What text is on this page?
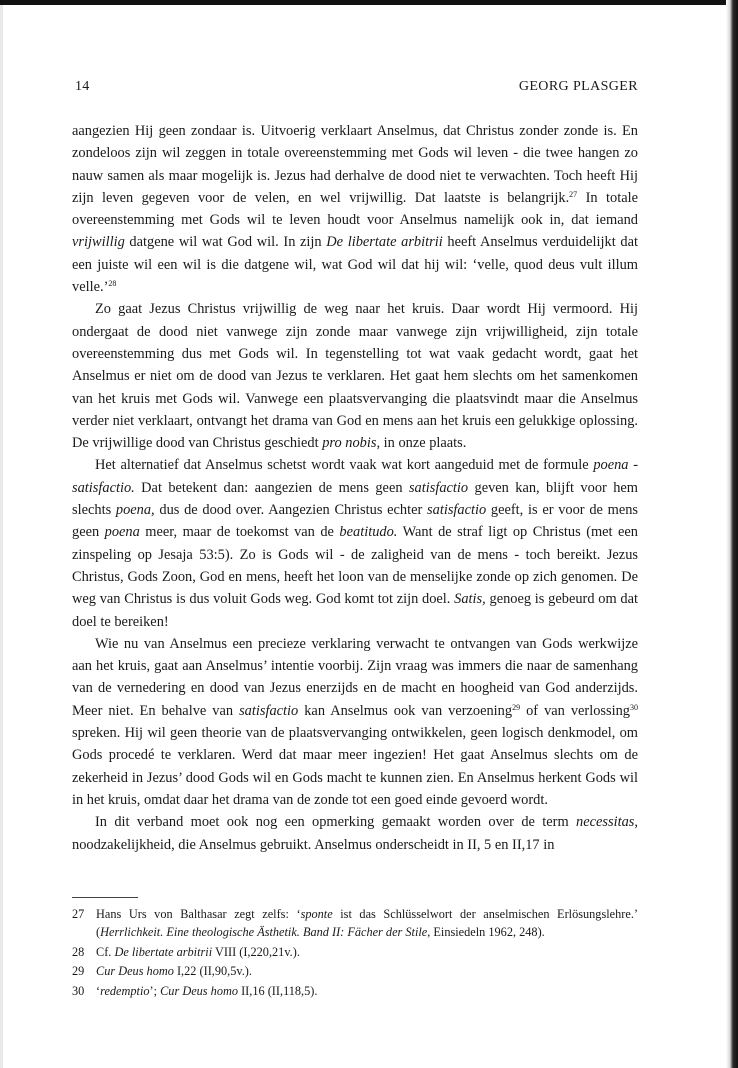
14	GEORG PLASGER

aangezien Hij geen zondaar is. Uitvoerig verklaart Anselmus, dat Christus zonder zonde is. En zondeloos zijn wil zeggen in totale overeenstemming met Gods wil leven - die twee hangen zo nauw samen als maar mogelijk is. Jezus had derhalve de dood niet te verwachten. Toch heeft Hij zijn leven gegeven voor de velen, en wel vrijwillig. Dat laatste is belangrijk.$^{27}$ In totale overeenstemming met Gods wil te leven houdt voor Anselmus namelijk ook in, dat iemand vrijwillig datgene wil wat God wil. In zijn De libertate arbitrii heeft Anselmus verduidelijkt dat een juiste wil een wil is die datgene wil, wat God wil dat hij wil: ‘velle, quod deus vult illum velle.’$^{28}$

Zo gaat Jezus Christus vrijwillig de weg naar het kruis. Daar wordt Hij vermoord. Hij ondergaat de dood niet vanwege zijn zonde maar vanwege zijn vrijwilligheid, zijn totale overeenstemming dus met Gods wil. In tegenstelling tot wat vaak gedacht wordt, gaat het Anselmus er niet om de dood van Jezus te verklaren. Het gaat hem slechts om het samenkomen van het kruis met Gods wil. Vanwege een plaatsvervanging die plaatsvindt maar die Anselmus verder niet verklaart, ontvangt het drama van God en mens aan het kruis een gelukkige oplossing. De vrijwillige dood van Christus geschiedt pro nobis, in onze plaats.

Het alternatief dat Anselmus schetst wordt vaak wat kort aangeduid met de formule poena - satisfactio. Dat betekent dan: aangezien de mens geen satisfactio geven kan, blijft voor hem slechts poena, dus de dood over. Aangezien Christus echter satisfactio geeft, is er voor de mens geen poena meer, maar de toekomst van de beatitudo. Want de straf ligt op Christus (met een zinspeling op Jesaja 53:5). Zo is Gods wil - de zaligheid van de mens - toch bereikt. Jezus Christus, Gods Zoon, God en mens, heeft het loon van de menselijke zonde op zich genomen. De weg van Christus is dus voluit Gods weg. God komt tot zijn doel. Satis, genoeg is gebeurd om dat doel te bereiken!

Wie nu van Anselmus een precieze verklaring verwacht te ontvangen van Gods werkwijze aan het kruis, gaat aan Anselmus’ intentie voorbij. Zijn vraag was immers die naar de samenhang van de vernedering en dood van Jezus enerzijds en de macht en hoogheid van God anderzijds. Meer niet. En behalve van satisfactio kan Anselmus ook van verzoening$^{29}$ of van verlossing$^{30}$ spreken. Hij wil geen theorie van de plaatsvervanging ontwikkelen, geen logisch denkmodel, om Gods procedé te verklaren. Werd dat maar meer ingezien! Het gaat Anselmus slechts om de zekerheid in Jezus’ dood Gods wil en Gods macht te kunnen zien. En Anselmus herkent Gods wil in het kruis, omdat daar het drama van de zonde tot een goed einde gevoerd wordt.

In dit verband moet ook nog een opmerking gemaakt worden over de term necessitas, noodzakelijkheid, die Anselmus gebruikt. Anselmus onderscheidt in II, 5 en II,17 in

27 Hans Urs von Balthasar zegt zelfs: ‘sponte ist das Schlüsselwort der anselmischen Erlösungslehre.’ (Herrlichkeit. Eine theologische Ästhetik. Band II: Fächer der Stile, Einsiedeln 1962, 248).
28 Cf. De libertate arbitrii VIII (I,220,21v.).
29 Cur Deus homo I,22 (II,90,5v.).
30 ‘redemptio’; Cur Deus homo II,16 (II,118,5).
